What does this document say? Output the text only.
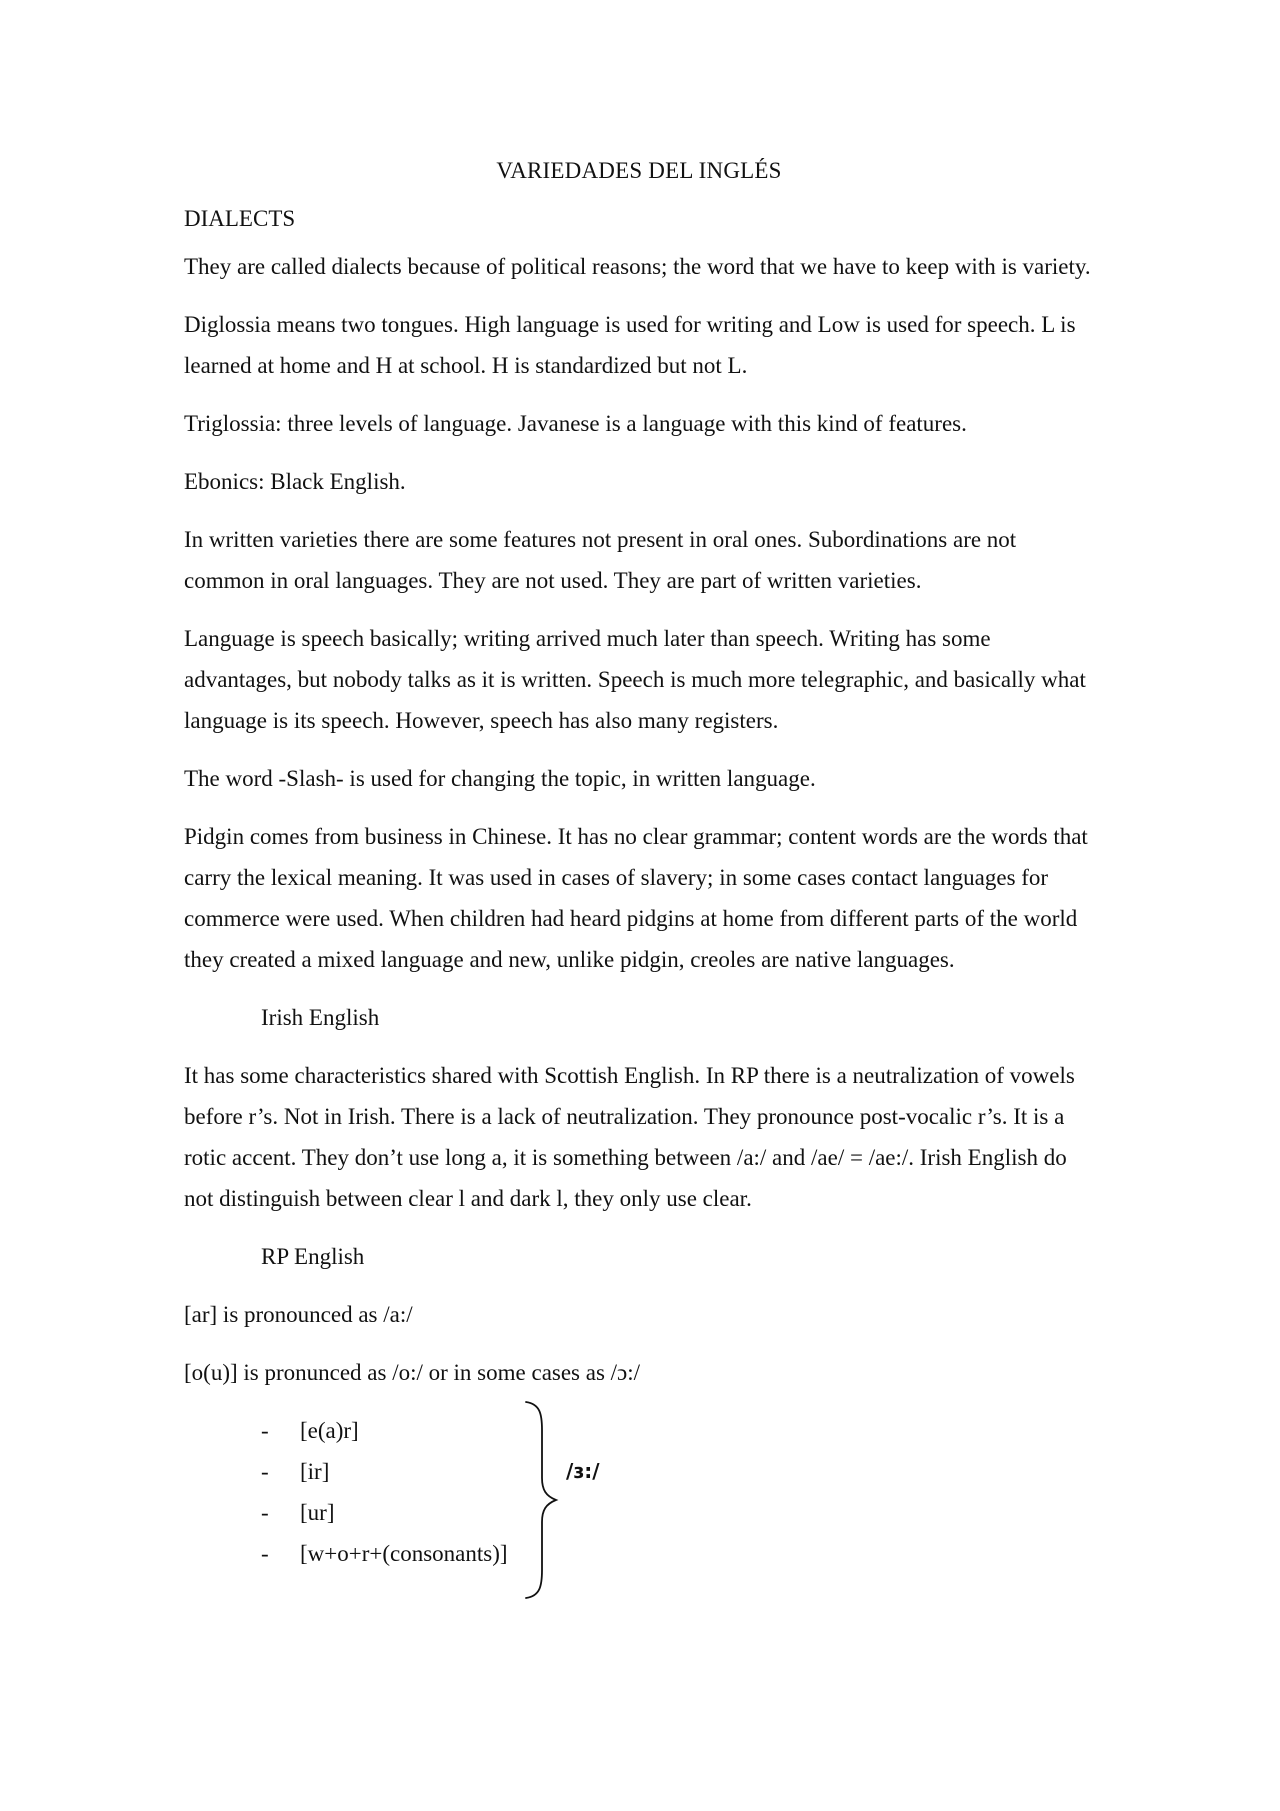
VARIEDADES DEL INGLÉS
DIALECTS

They are called dialects because of political reasons; the word that we have to keep with is variety.

Diglossia means two tongues. High language is used for writing and Low is used for speech. L is learned at home and H at school. H is standardized but not L.

Triglossia: three levels of language. Javanese is a language with this kind of features.

Ebonics: Black English.

In written varieties there are some features not present in oral ones. Subordinations are not common in oral languages. They are not used. They are part of written varieties.

Language is speech basically; writing arrived much later than speech. Writing has some advantages, but nobody talks as it is written. Speech is much more telegraphic, and basically what language is its speech. However, speech has also many registers.

The word -Slash- is used for changing the topic, in written language.

Pidgin comes from business in Chinese. It has no clear grammar; content words are the words that carry the lexical meaning. It was used in cases of slavery; in some cases contact languages for commerce were used. When children had heard pidgins at home from different parts of the world they created a mixed language and new, unlike pidgin, creoles are native languages.

Irish English

It has some characteristics shared with Scottish English. In RP there is a neutralization of vowels before r’s. Not in Irish. There is a lack of neutralization. They pronounce post-vocalic r’s. It is a rotic accent. They don’t use long a, it is something between /a:/ and /ae/ = /ae:/. Irish English do not distinguish between clear l and dark l, they only use clear.

RP English

[ar] is pronounced as /a:/

[o(u)] is pronunced as /o:/ or in some cases as /ɔ:/

- [e(a)r]
- [ir]
- [ur]
- [w+o+r+(consonants)]
/ɜ:/
